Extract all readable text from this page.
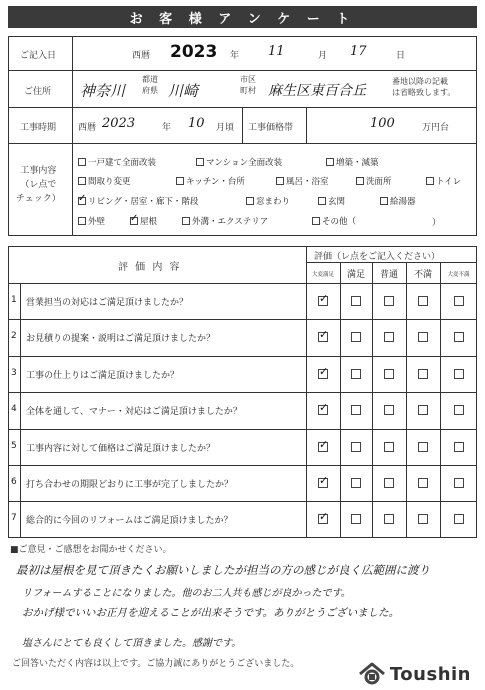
お 客 様 ア ン ケ ー ト
ご記入日	西暦 2023 年 11	月 17	日
ご住所 神奈川
都道
府県 川崎
市区
町村 麻生区東百合丘
番地以降の記載
は省略致します。
工事時期 西暦 2023	年 10 月頃 工事価格帯	100	万円台
工事内容
（レ点で
チェック）
一戸建て全面改装	マンション全面改装	増築・減築
間取り変更	キッチン・台所	風呂・浴室	洗面所	トイレ
✓
リビング・居室・廊下・階段	窓まわり	玄関	給湯器
外壁
✓	屋根	外溝・エクステリア	その他（	）
評 価 内 容
評価（レ点をご記入ください）
大変満足	満足	普通	不満	大変不満
1 営業担当の対応はご満足頂けましたか？
✓
2 お見積りの提案・説明はご満足頂けましたか？
✓
3 工事の仕上りはご満足頂けましたか？
✓
4 全体を通して、マナー・対応はご満足頂けましたか？
✓
5 工事内容に対して価格はご満足頂けましたか？
✓
6 打ち合わせの期限どおりに工事が完了しましたか？
✓
7 総合的に今回のリフォームはご満足頂けましたか？
✓
■ご意見・ご感想をお聞かせください。
最初は屋根を見て頂きたくお願いしましたが担当の方の感じが良く広範囲に渡り
リフォームすることになりました。他のお二人共も感じが良かったです。
おかげ様でいいお正月を迎えることが出来そうです。ありがとうございました。
塩さんにとても良くして頂きました。感謝です。
ご回答いただく内容は以上です。ご協力誠にありがとうございました。	Toushin
